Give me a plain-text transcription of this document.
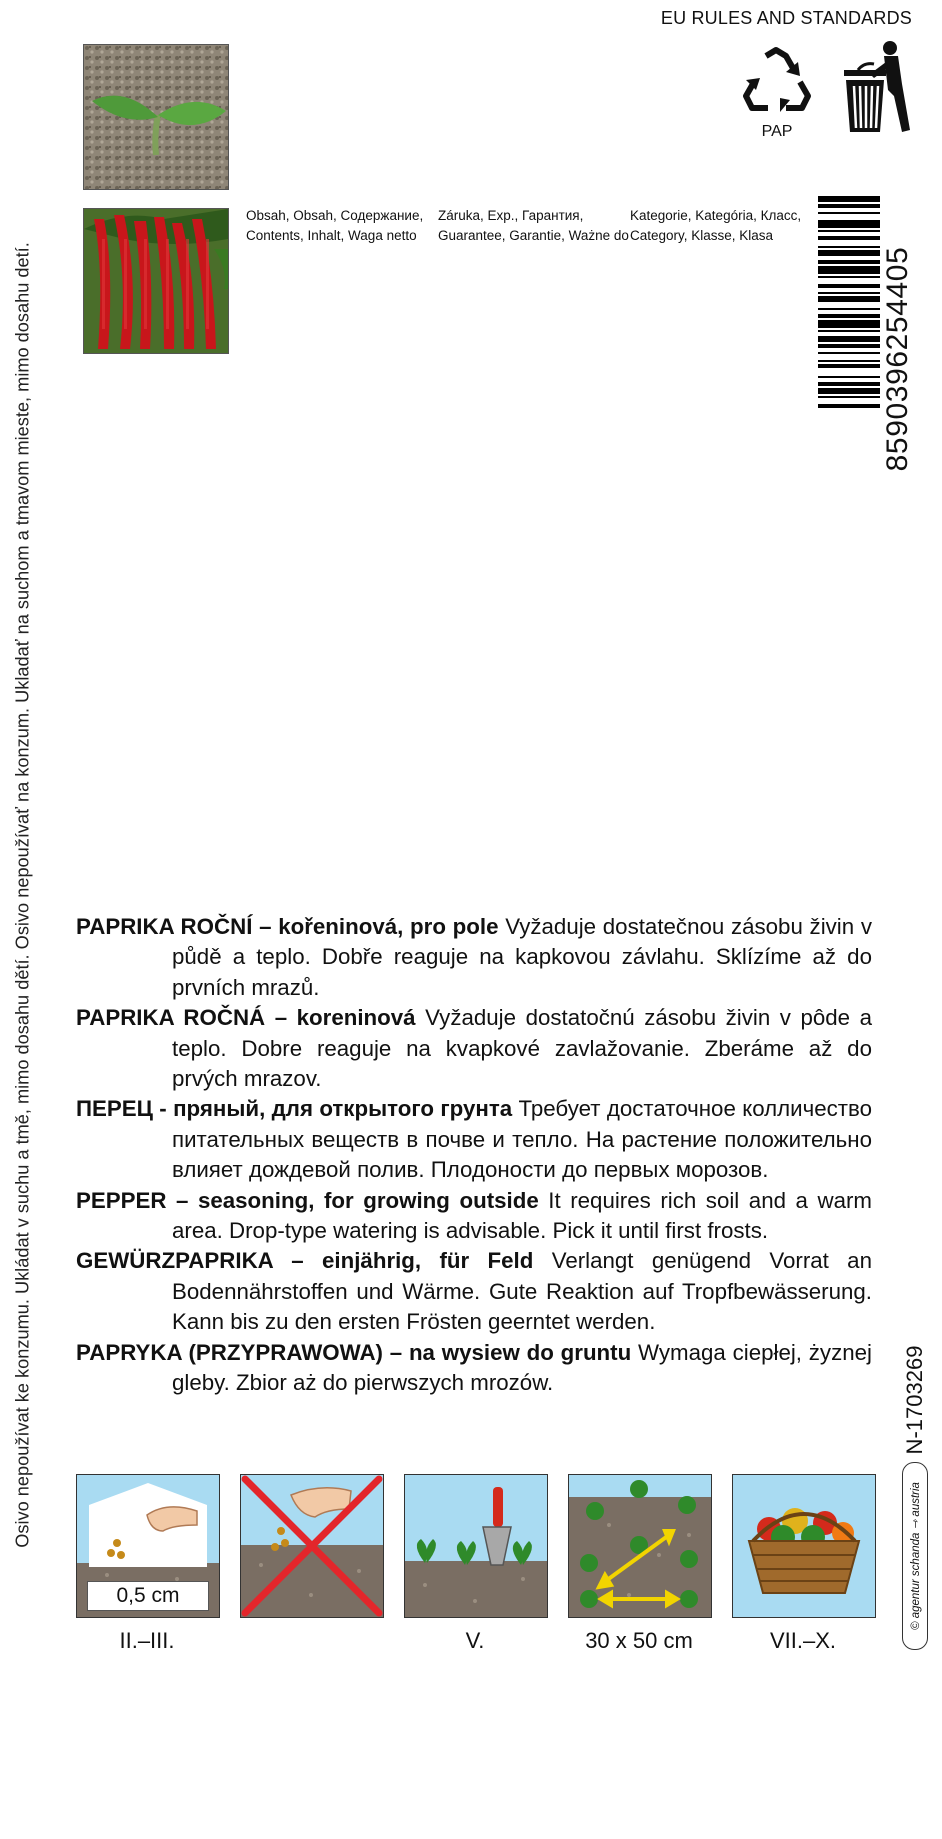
Osivo nepoužívat ke konzumu. Ukládat v suchu a tmě, mimo dosahu dětí. Osivo nepoužívať na konzum. Ukladať na suchom a tmavom mieste, mimo dosahu detí.
EU RULES AND STANDARDS
PAP
Obsah, Obsah, Содержание,
Contents, Inhalt, Waga netto
Záruka, Exp., Гарантия,
Guarantee, Garantie, Ważne do
Kategorie, Kategória, Класс,
Category, Klasse, Klasa
8590396254405
N-1703269
© agentur schanda ⇾ austria

PAPRIKA ROČNÍ – kořeninová, pro pole Vyžaduje dostatečnou zásobu živin v půdě a teplo. Dobře reaguje na kapkovou závlahu. Sklízíme až do prvních mrazů.

PAPRIKA ROČNÁ – koreninová Vyžaduje dostatočnú zásobu živin v pôde a teplo. Dobre reaguje na kvapkové zavlažovanie. Zberáme až do prvých mrazov.

ПЕРЕЦ - пряный, для открытого грунта Требует достаточное колличество питательных веществ в почве и тепло. На растение положительно влияет дождевой полив. Плодоности до первых морозов.

PEPPER – seasoning, for growing outside It requires rich soil and a warm area. Drop-type watering is advisable. Pick it until first frosts.

GEWÜRZPAPRIKA – einjährig, für Feld Verlangt genügend Vorrat an Bodennährstoffen und Wärme. Gute Reaktion auf Tropfbewässerung. Kann bis zu den ersten Frösten geerntet werden.

PAPRYKA (PRZYPRAWOWA) – na wysiew do gruntu Wymaga ciepłej, żyznej gleby. Zbior aż do pierwszych mrozów.

0,5 cm
II.–III.	V.	30 x 50 cm	VII.–X.
